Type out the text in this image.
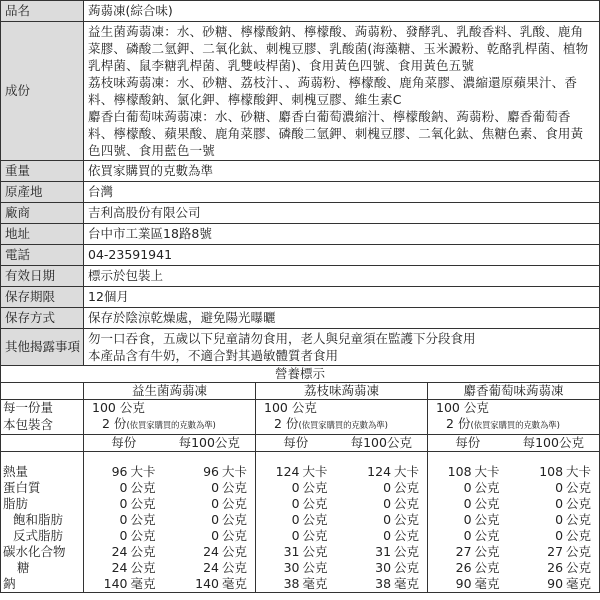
品名	蒟蒻凍(綜合味)
成份	益生菌蒟蒻凍：水、砂糖、檸檬酸鈉、檸檬酸、蒟蒻粉、發酵乳、乳酸香料、乳酸、鹿角菜膠、磷酸二氫鉀、二氧化鈦、刺槐豆膠、乳酸菌(海藻糖、玉米澱粉、乾酪乳桿菌、植物乳桿菌、鼠李糖乳桿菌、乳雙岐桿菌)、食用黃色四號、食用黃色五號
荔枝味蒟蒻凍：水、砂糖、荔枝汁、、蒟蒻粉、檸檬酸、鹿角菜膠、濃縮還原蘋果汁、香料、檸檬酸鈉、氯化鉀、檸檬酸鉀、刺槐豆膠、維生素C
麝香白葡萄味蒟蒻凍：水、砂糖、麝香白葡萄濃縮汁、檸檬酸鈉、蒟蒻粉、麝香葡萄香料、檸檬酸、蘋果酸、鹿角菜膠、磷酸二氫鉀、刺槐豆膠、二氧化鈦、焦糖色素、食用黃色四號、食用藍色一號

重量	依買家購買的克數為準
原產地	台灣
廠商	吉利高股份有限公司
地址	台中市工業區18路8號
電話	04-23591941
有效日期	標示於包裝上
保存期限	12個月
保存方式	保存於陰涼乾燥處，避免陽光曝曬
其他揭露事項	勿一口吞食，五歲以下兒童請勿食用，老人與兒童須在監護下分段食用
本產品含有牛奶，不適合對其過敏體質者食用
營養標示
	益生菌蒟蒻凍		荔枝味蒟蒻凍		麝香葡萄味蒟蒻凍	
每一份量	100 公克		100 公克		100 公克	
本包裝含	2 份(依買家購買的克數為準)		2 份(依買家購買的克數為準)		2 份(依買家購買的克數為準)	
	每份	每100公克	每份	每100公克	每份	每100公克

熱量	96 大卡	96 大卡	124 大卡	124 大卡	108 大卡	108 大卡
蛋白質	0 公克	0 公克	0 公克	0 公克	0 公克	0 公克
脂肪	0 公克	0 公克	0 公克	0 公克	0 公克	0 公克
飽和脂肪	0 公克	0 公克	0 公克	0 公克	0 公克	0 公克
反式脂肪	0 公克	0 公克	0 公克	0 公克	0 公克	0 公克
碳水化合物	24 公克	24 公克	31 公克	31 公克	27 公克	27 公克
糖	24 公克	24 公克	30 公克	30 公克	26 公克	26 公克
鈉	140 毫克	140 毫克	38 毫克	38 毫克	90 毫克	90 毫克
